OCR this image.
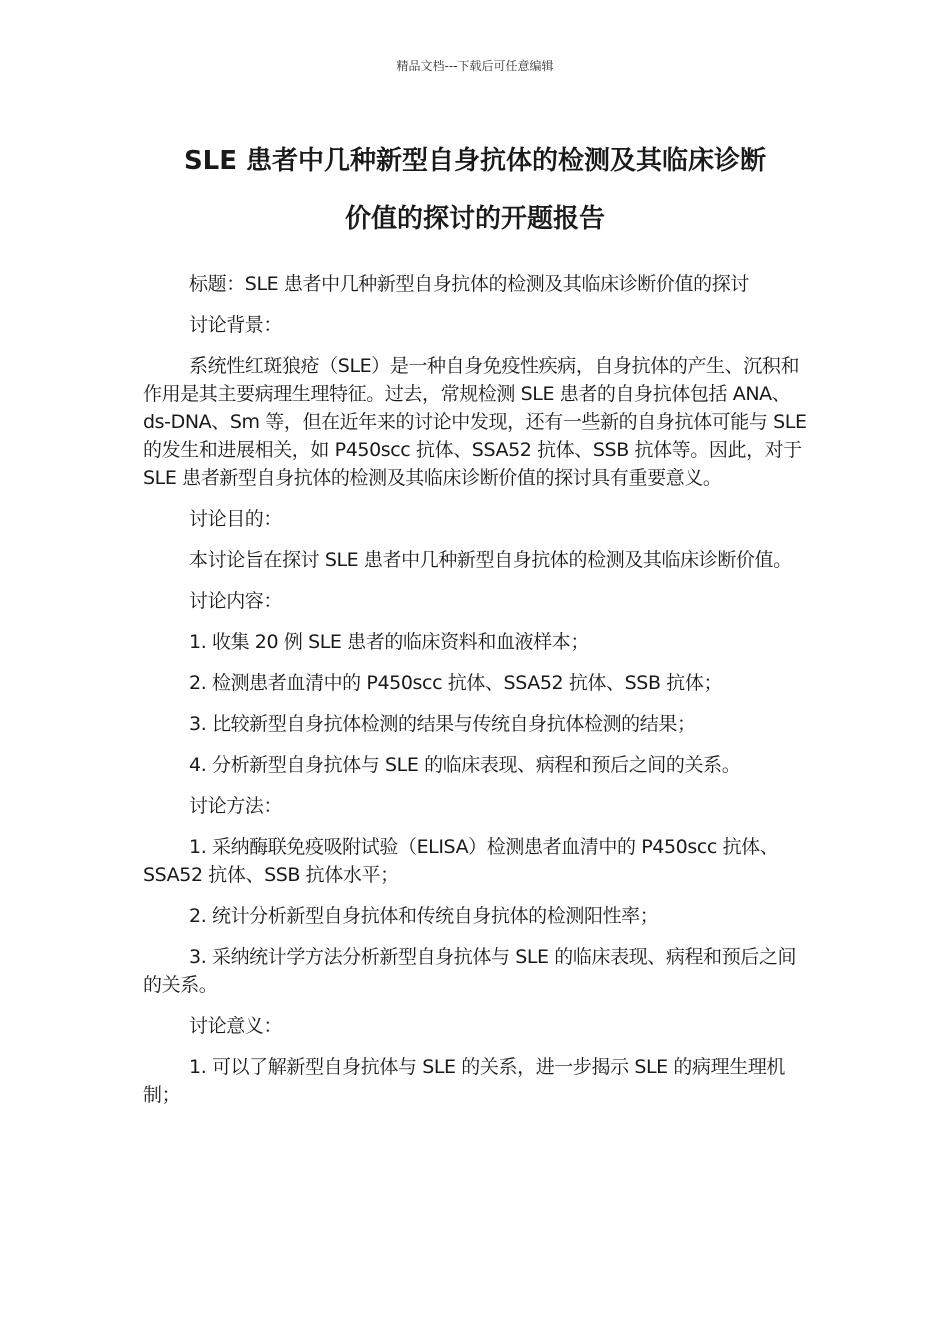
精品文档---下载后可任意编辑
SLE 患者中几种新型自身抗体的检测及其临床诊断
价值的探讨的开题报告

标题：SLE 患者中几种新型自身抗体的检测及其临床诊断价值的探讨

讨论背景：

系统性红斑狼疮（SLE）是一种自身免疫性疾病，自身抗体的产生、沉积和作用是其主要病理生理特征。过去，常规检测 SLE 患者的自身抗体包括 ANA、ds-DNA、Sm 等，但在近年来的讨论中发现，还有一些新的自身抗体可能与 SLE 的发生和进展相关，如 P450scc 抗体、SSA52 抗体、SSB 抗体等。因此，对于 SLE 患者新型自身抗体的检测及其临床诊断价值的探讨具有重要意义。

讨论目的：

本讨论旨在探讨 SLE 患者中几种新型自身抗体的检测及其临床诊断价值。

讨论内容：

1. 收集 20 例 SLE 患者的临床资料和血液样本；

2. 检测患者血清中的 P450scc 抗体、SSA52 抗体、SSB 抗体；

3. 比较新型自身抗体检测的结果与传统自身抗体检测的结果；

4. 分析新型自身抗体与 SLE 的临床表现、病程和预后之间的关系。

讨论方法：

1. 采纳酶联免疫吸附试验（ELISA）检测患者血清中的 P450scc 抗体、SSA52 抗体、SSB 抗体水平；

2. 统计分析新型自身抗体和传统自身抗体的检测阳性率；

3. 采纳统计学方法分析新型自身抗体与 SLE 的临床表现、病程和预后之间的关系。

讨论意义：

1. 可以了解新型自身抗体与 SLE 的关系，进一步揭示 SLE 的病理生理机制；
